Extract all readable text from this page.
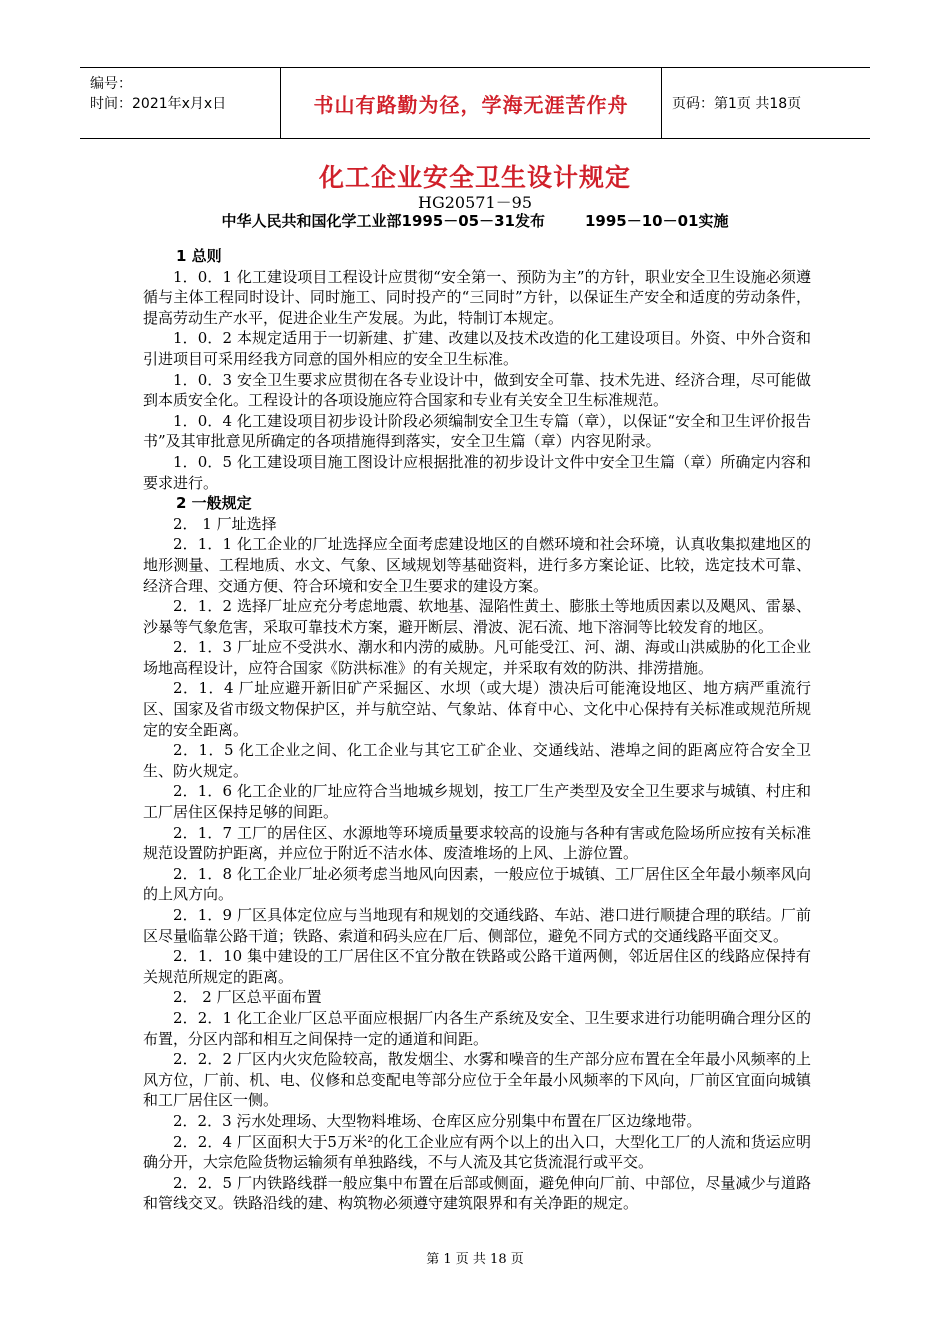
编号：
时间：2021年x月x日	书山有路勤为径，学海无涯苦作舟	页码：第1页 共18页
化工企业安全卫生设计规定
HG20571－95
中华人民共和国化学工业部1995－05－31发布	1995－10－01实施

1 总则

1．0．1 化工建设项目工程设计应贯彻“安全第一、预防为主”的方针，职业安全卫生设施必须遵循与主体工程同时设计、同时施工、同时投产的“三同时”方针，以保证生产安全和适度的劳动条件，提高劳动生产水平，促进企业生产发展。为此，特制订本规定。

1．0．2 本规定适用于一切新建、扩建、改建以及技术改造的化工建设项目。外资、中外合资和引进项目可采用经我方同意的国外相应的安全卫生标准。

1．0．3 安全卫生要求应贯彻在各专业设计中，做到安全可靠、技术先进、经济合理，尽可能做到本质安全化。工程设计的各项设施应符合国家和专业有关安全卫生标准规范。

1．0．4 化工建设项目初步设计阶段必须编制安全卫生专篇（章），以保证“安全和卫生评价报告书”及其审批意见所确定的各项措施得到落实，安全卫生篇（章）内容见附录。

1．0．5 化工建设项目施工图设计应根据批准的初步设计文件中安全卫生篇（章）所确定内容和要求进行。

2 一般规定

2． 1 厂址选择

2．1．1 化工企业的厂址选择应全面考虑建设地区的自燃环境和社会环境，认真收集拟建地区的地形测量、工程地质、水文、气象、区域规划等基础资料，进行多方案论证、比较，选定技术可靠、经济合理、交通方便、符合环境和安全卫生要求的建设方案。

2．1．2 选择厂址应充分考虑地震、软地基、湿陷性黄土、膨胀土等地质因素以及飓风、雷暴、沙暴等气象危害，采取可靠技术方案，避开断层、滑波、泥石流、地下溶洞等比较发育的地区。

2．1．3 厂址应不受洪水、潮水和内涝的威胁。凡可能受江、河、湖、海或山洪威胁的化工企业场地高程设计，应符合国家《防洪标准》的有关规定，并采取有效的防洪、排涝措施。

2．1．4 厂址应避开新旧矿产采掘区、水坝（或大堤）溃决后可能淹设地区、地方病严重流行区、国家及省市级文物保护区，并与航空站、气象站、体育中心、文化中心保持有关标准或规范所规定的安全距离。

2．1．5 化工企业之间、化工企业与其它工矿企业、交通线站、港埠之间的距离应符合安全卫生、防火规定。

2．1．6 化工企业的厂址应符合当地城乡规划，按工厂生产类型及安全卫生要求与城镇、村庄和工厂居住区保持足够的间距。

2．1．7 工厂的居住区、水源地等环境质量要求较高的设施与各种有害或危险场所应按有关标准规范设置防护距离，并应位于附近不洁水体、废渣堆场的上风、上游位置。

2．1．8 化工企业厂址必须考虑当地风向因素，一般应位于城镇、工厂居住区全年最小频率风向的上风方向。

2．1．9 厂区具体定位应与当地现有和规划的交通线路、车站、港口进行顺捷合理的联结。厂前区尽量临靠公路干道；铁路、索道和码头应在厂后、侧部位，避免不同方式的交通线路平面交叉。

2．1．10 集中建设的工厂居住区不宜分散在铁路或公路干道两侧，邻近居住区的线路应保持有关规范所规定的距离。

2． 2 厂区总平面布置

2．2．1 化工企业厂区总平面应根据厂内各生产系统及安全、卫生要求进行功能明确合理分区的布置，分区内部和相互之间保持一定的通道和间距。

2．2．2 厂区内火灾危险较高，散发烟尘、水雾和噪音的生产部分应布置在全年最小风频率的上风方位，厂前、机、电、仪修和总变配电等部分应位于全年最小风频率的下风向，厂前区宜面向城镇和工厂居住区一侧。

2．2．3 污水处理场、大型物料堆场、仓库区应分别集中布置在厂区边缘地带。

2．2．4 厂区面积大于5万米²的化工企业应有两个以上的出入口，大型化工厂的人流和货运应明确分开，大宗危险货物运输须有单独路线，不与人流及其它货流混行或平交。

2．2．5 厂内铁路线群一般应集中布置在后部或侧面，避免伸向厂前、中部位，尽量减少与道路和管线交叉。铁路沿线的建、构筑物必须遵守建筑限界和有关净距的规定。

第 1 页 共 18 页
